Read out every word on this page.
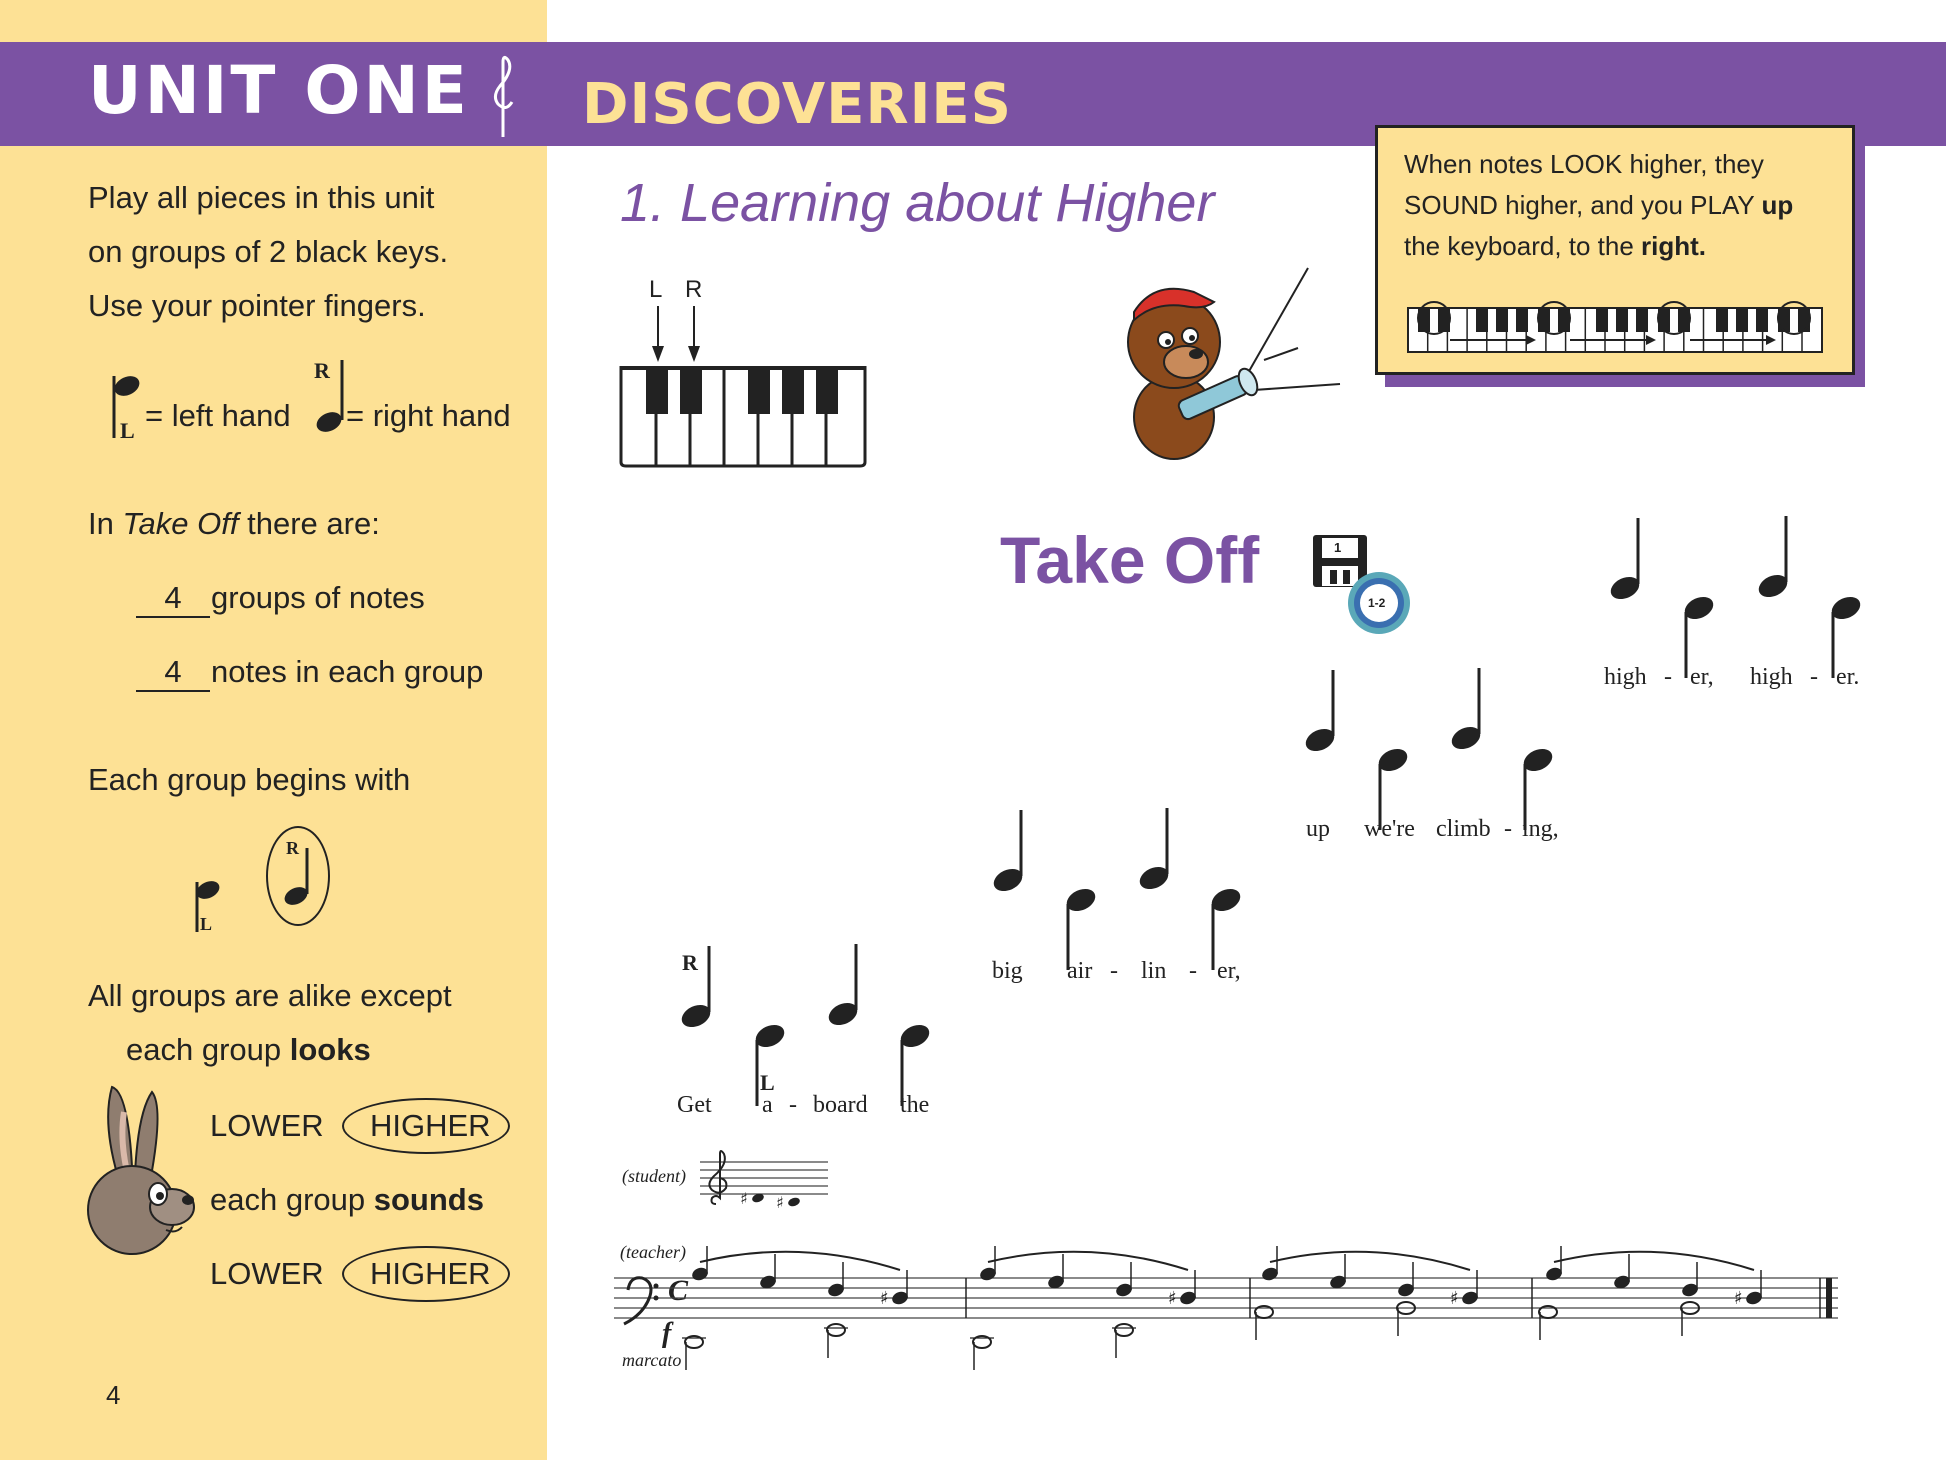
UNIT ONE DISCOVERIES
Play all pieces in this unit
on groups of 2 black keys.
Use your pointer fingers.
L = left hand
R
= right hand
In Take Off there are:
4 groups of notes
4 notes in each group
Each group begins with
L
R
All groups are alike except
each group looks
LOWER HIGHER
each group sounds
LOWER HIGHER
4
When notes LOOK higher, they
SOUND higher, and you PLAY up
the keyboard, to the right.
1. Learning about Higher
L R
Take Off	1
1-2
Get a - board the
big air - lin - er,
up we're climb - ing,
high - er, high - er.
R
L
(student)
♯ ♯
(teacher)
C
f
marcato
♯	♯	♯	♯
